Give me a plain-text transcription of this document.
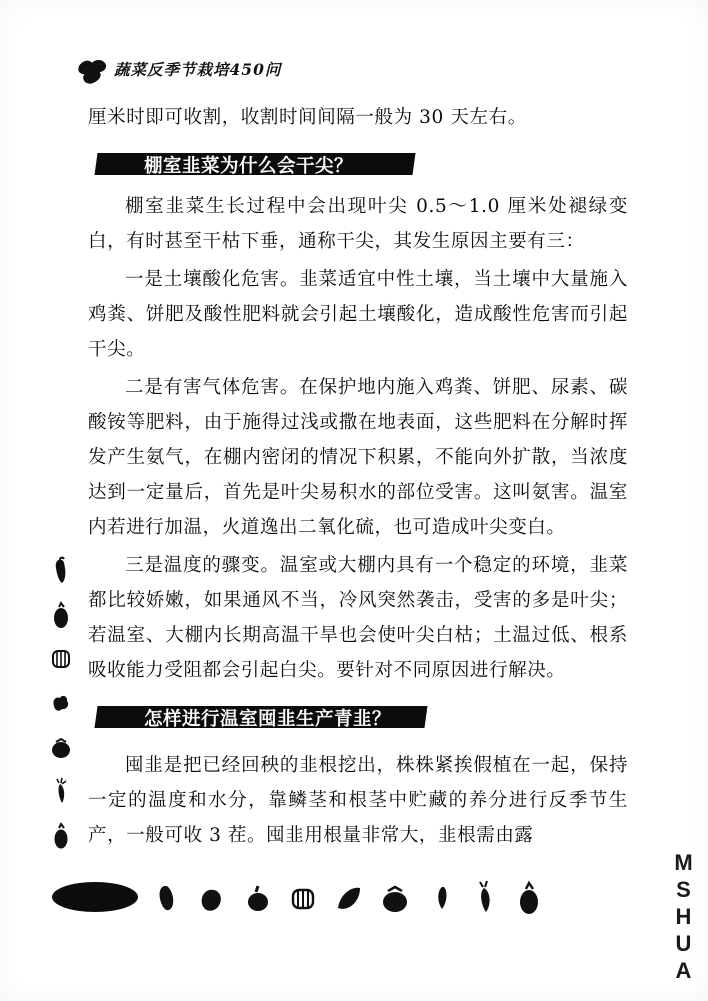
蔬菜反季节栽培450问

厘米时即可收割，收割时间间隔一般为 30 天左右。

棚室韭菜为什么会干尖？

棚室韭菜生长过程中会出现叶尖 0.5～1.0 厘米处褪绿变白，有时甚至干枯下垂，通称干尖，其发生原因主要有三：

一是土壤酸化危害。韭菜适宜中性土壤，当土壤中大量施入鸡粪、饼肥及酸性肥料就会引起土壤酸化，造成酸性危害而引起干尖。

二是有害气体危害。在保护地内施入鸡粪、饼肥、尿素、碳酸铵等肥料，由于施得过浅或撒在地表面，这些肥料在分解时挥发产生氨气，在棚内密闭的情况下积累，不能向外扩散，当浓度达到一定量后，首先是叶尖易积水的部位受害。这叫氨害。温室内若进行加温，火道逸出二氧化硫，也可造成叶尖变白。

三是温度的骤变。温室或大棚内具有一个稳定的环境，韭菜都比较娇嫩，如果通风不当，冷风突然袭击，受害的多是叶尖；若温室、大棚内长期高温干旱也会使叶尖白枯；土温过低、根系吸收能力受阻都会引起白尖。要针对不同原因进行解决。

怎样进行温室囤韭生产青韭？

囤韭是把已经回秧的韭根挖出，株株紧挨假植在一起，保持一定的温度和水分，靠鳞茎和根茎中贮藏的养分进行反季节生产，一般可收 3 茬。囤韭用根量非常大，韭根需由露

MSHUA
